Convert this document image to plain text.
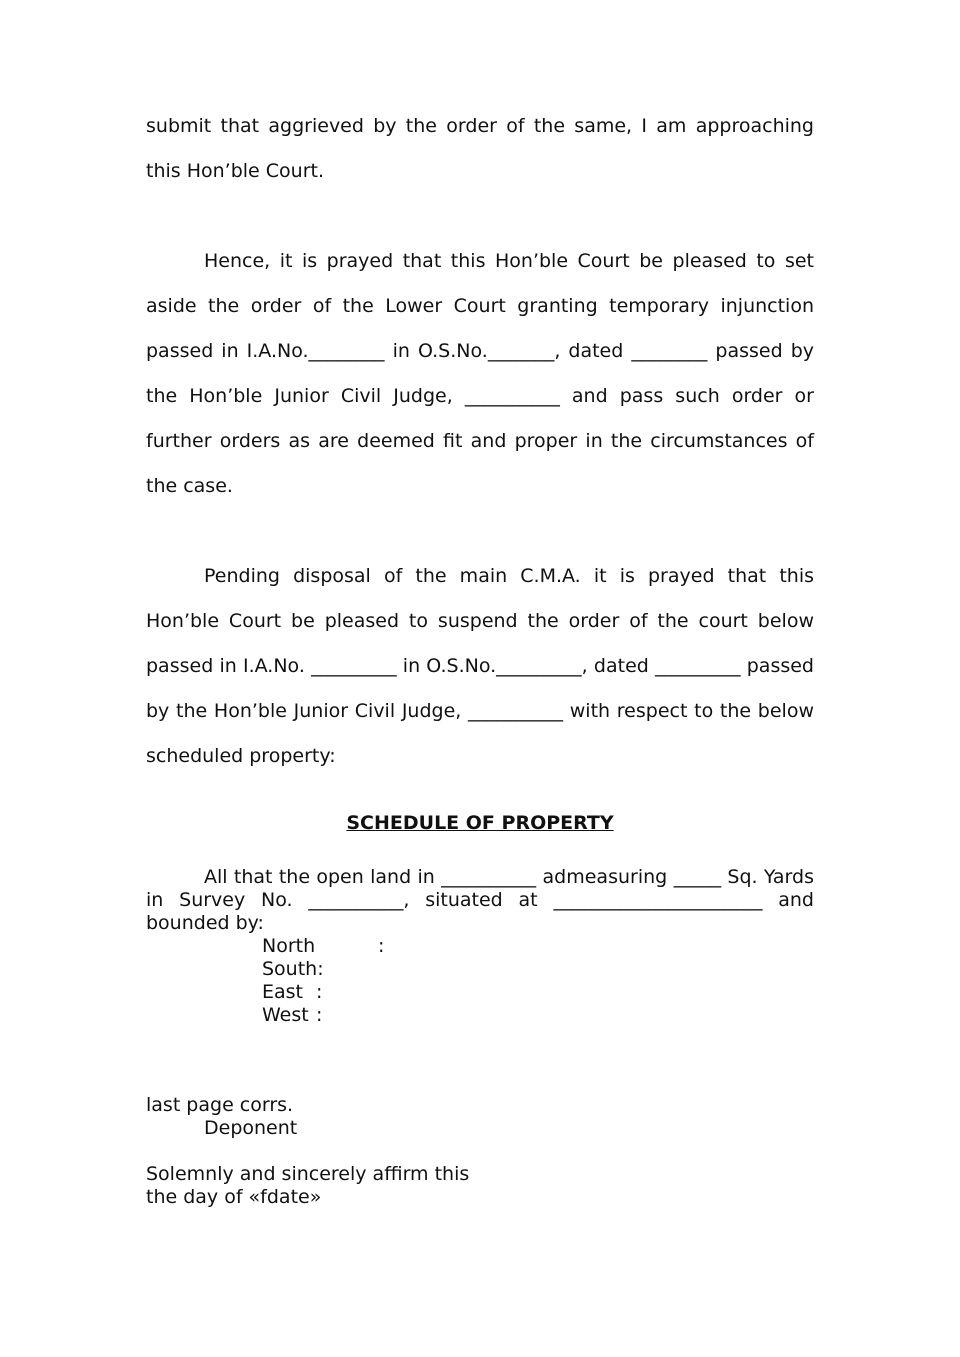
submit that aggrieved by the order of the same, I am approaching this Hon’ble Court.

Hence, it is prayed that this Hon’ble Court be pleased to set aside the order of the Lower Court granting temporary injunction passed in I.A.No.________ in O.S.No._______, dated ________ passed by the Hon’ble Junior Civil Judge, __________ and pass such order or further orders as are deemed fit and proper in the circumstances of the case.

Pending disposal of the main C.M.A. it is prayed that this Hon’ble Court be pleased to suspend the order of the court below passed in I.A.No. _________ in O.S.No._________, dated _________ passed by the Hon’ble Junior Civil Judge, __________ with respect to the below scheduled property:

SCHEDULE OF PROPERTY

All that the open land in __________ admeasuring _____ Sq. Yards in Survey No. __________, situated at ______________________ and bounded by:

North	:
South :
East :
West :
last page corrs.
Deponent
Solemnly and sincerely affirm this
the day of «fdate»
